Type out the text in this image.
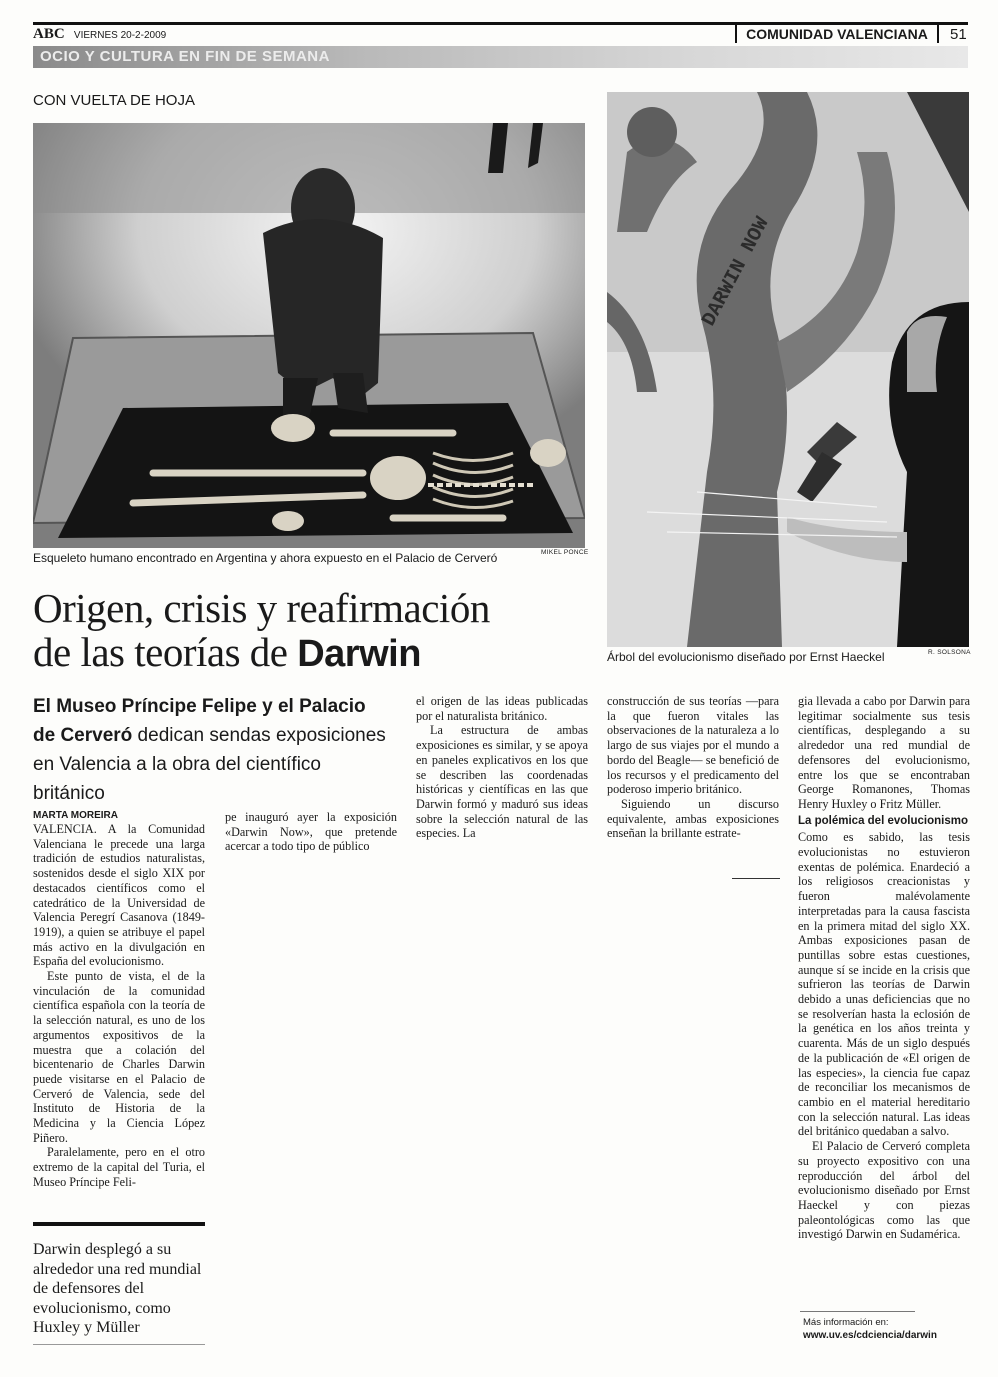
ABC VIERNES 20-2-2009	COMUNIDAD VALENCIANA	51
OCIO Y CULTURA EN FIN DE SEMANA
CON VUELTA DE HOJA
Esqueleto humano encontrado en Argentina y ahora expuesto en el Palacio de Cerveró	MIKEL PONCE
DARWIN NOW
Árbol del evolucionismo diseñado por Ernst Haeckel	R. SOLSONA
Origen, crisis y reafirmación
de las teorías de Darwin
El Museo Príncipe Felipe y el Palacio de Cerveró dedican sendas exposiciones en Valencia a la obra del científico británico
MARTA MOREIRA

VALENCIA. A la Comunidad Valenciana le precede una larga tradición de estudios naturalistas, sostenidos desde el siglo XIX por destacados científicos como el catedrático de la Universidad de Valencia Peregrí Casanova (1849-1919), a quien se atribuye el papel más activo en la divulgación en España del evolucionismo.

Este punto de vista, el de la vinculación de la comunidad científica española con la teoría de la selección natural, es uno de los argumentos expositivos de la muestra que a colación del bicentenario de Charles Darwin puede visitarse en el Palacio de Cerveró de Valencia, sede del Instituto de Historia de la Medicina y la Ciencia López Piñero.

Paralelamente, pero en el otro extremo de la capital del Turia, el Museo Príncipe Feli-

pe inauguró ayer la exposición «Darwin Now», que pretende acercar a todo tipo de público

el origen de las ideas publicadas por el naturalista británico.

La estructura de ambas exposiciones es similar, y se apoya en paneles explicativos en los que se describen las coordenadas históricas y científicas en las que Darwin formó y maduró sus ideas sobre la selección natural de las especies. La

construcción de sus teorías —para la que fueron vitales las observaciones de la naturaleza a lo largo de sus viajes por el mundo a bordo del Beagle— se benefició de los recursos y el predicamento del poderoso imperio británico.

Siguiendo un discurso equivalente, ambas exposiciones enseñan la brillante estrate-

gia llevada a cabo por Darwin para legitimar socialmente sus tesis científicas, desplegando a su alrededor una red mundial de defensores del evolucionismo, entre los que se encontraban George Romanones, Thomas Henry Huxley o Fritz Müller.

La polémica del evolucionismo

Como es sabido, las tesis evolucionistas no estuvieron exentas de polémica. Enardeció a los religiosos creacionistas y fueron malévolamente interpretadas para la causa fascista en la primera mitad del siglo XX. Ambas exposiciones pasan de puntillas sobre estas cuestiones, aunque sí se incide en la crisis que sufrieron las teorías de Darwin debido a unas deficiencias que no se resolverían hasta la eclosión de la genética en los años treinta y cuarenta. Más de un siglo después de la publicación de «El origen de las especies», la ciencia fue capaz de reconciliar los mecanismos de cambio en el material hereditario con la selección natural. Las ideas del británico quedaban a salvo.

El Palacio de Cerveró completa su proyecto expositivo con una reproducción del árbol del evolucionismo diseñado por Ernst Haeckel y con piezas paleontológicas como las que investigó Darwin en Sudamérica.

Darwin desplegó a su alrededor una red mundial de defensores del evolucionismo, como Huxley y Müller	Más información en:
www.uv.es/cdciencia/darwin
